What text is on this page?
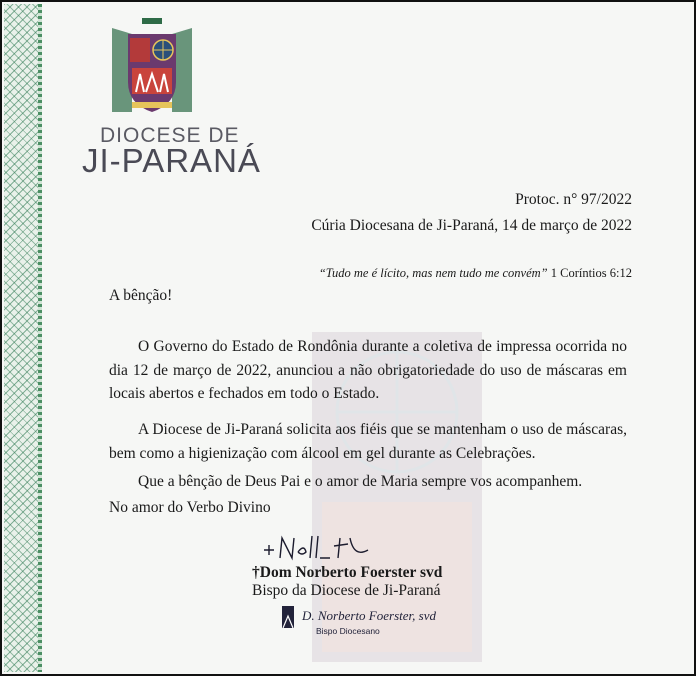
DIOCESE DE
JI-PARANÁ
Protoc. n° 97/2022
Cúria Diocesana de Ji-Paraná, 14 de março de 2022
“Tudo me é lícito, mas nem tudo me convém” 1 Coríntios 6:12
A bênção!
O Governo do Estado de Rondônia durante a coletiva de impressa ocorrida no dia 12 de março de 2022, anunciou a não obrigatoriedade do uso de máscaras em locais abertos e fechados em todo o Estado.
A Diocese de Ji-Paraná solicita aos fiéis que se mantenham o uso de máscaras, bem como a higienização com álcool em gel durante as Celebrações.
Que a bênção de Deus Pai e o amor de Maria sempre vos acompanhem.
No amor do Verbo Divino
†Dom Norberto Foerster svd
Bispo da Diocese de Ji-Paraná
D. Norberto Foerster, svd
Bispo Diocesano
